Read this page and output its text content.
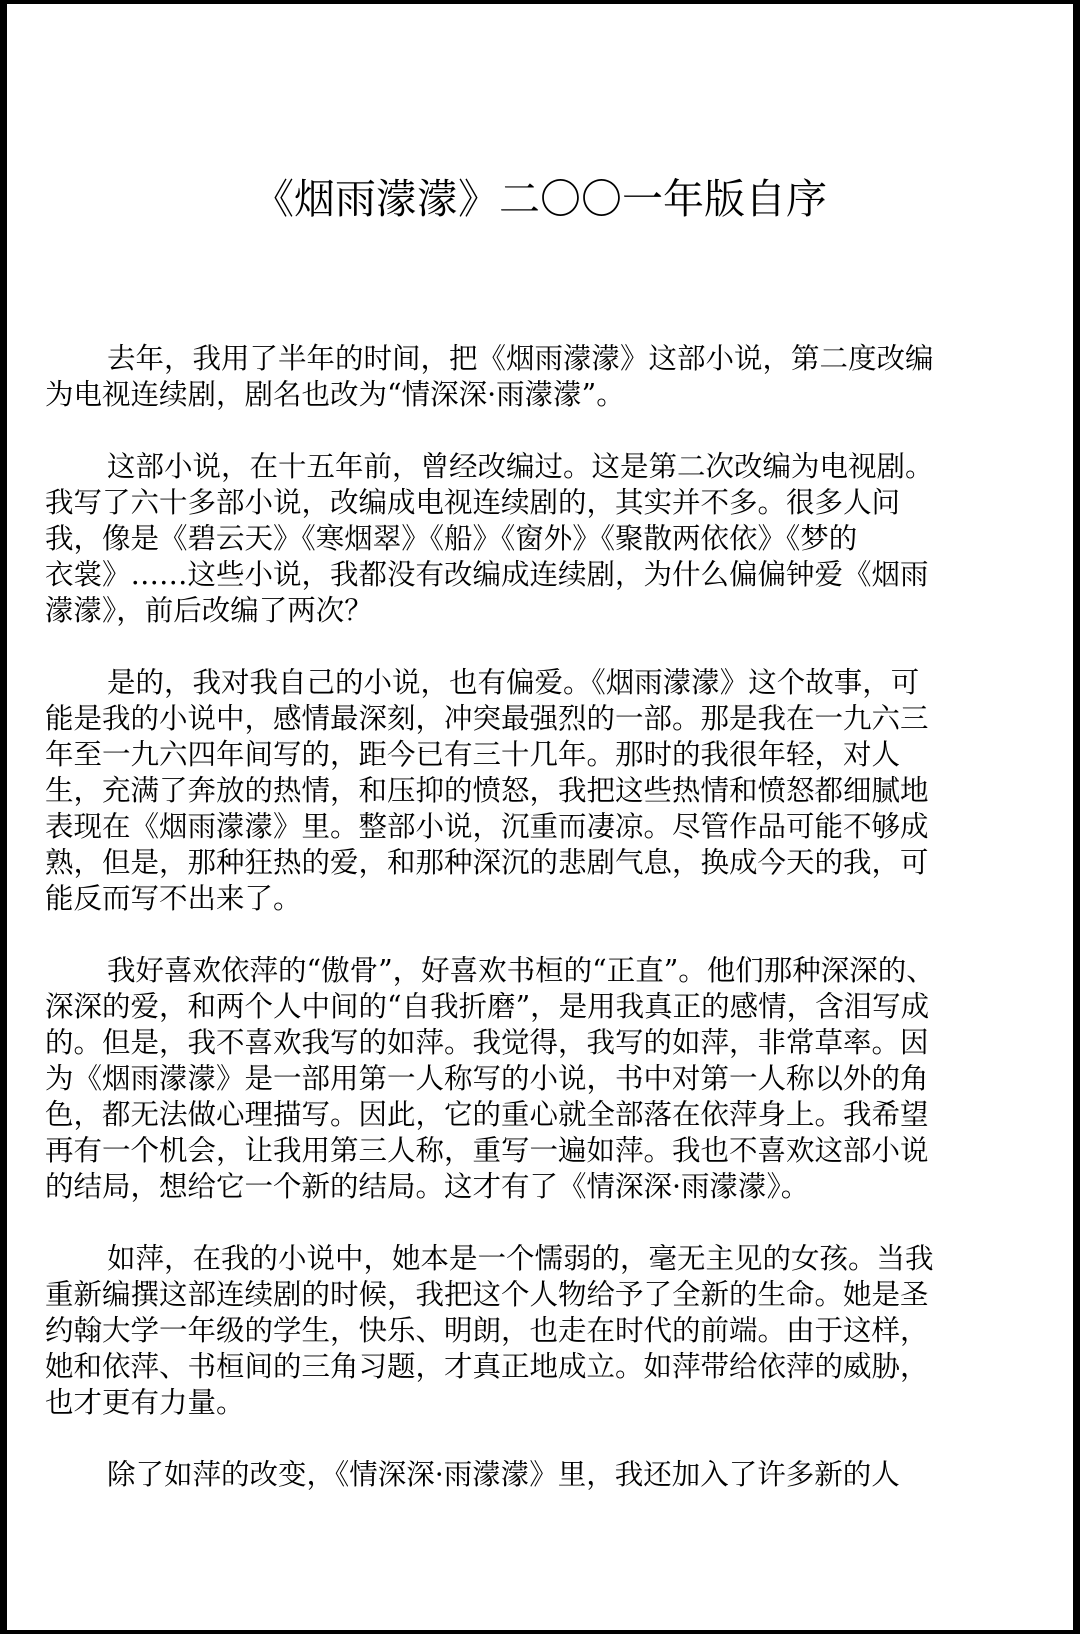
《烟雨濛濛》二〇〇一年版自序

去年，我用了半年的时间，把《烟雨濛濛》这部小说，第二度改编
为电视连续剧，剧名也改为“情深深·雨濛濛”。

这部小说，在十五年前，曾经改编过。这是第二次改编为电视剧。
我写了六十多部小说，改编成电视连续剧的，其实并不多。很多人问
我，像是《碧云天》《寒烟翠》《船》《窗外》《聚散两依依》《梦的
衣裳》……这些小说，我都没有改编成连续剧，为什么偏偏钟爱《烟雨
濛濛》，前后改编了两次？

是的，我对我自己的小说，也有偏爱。《烟雨濛濛》这个故事，可
能是我的小说中，感情最深刻，冲突最强烈的一部。那是我在一九六三
年至一九六四年间写的，距今已有三十几年。那时的我很年轻，对人
生，充满了奔放的热情，和压抑的愤怒，我把这些热情和愤怒都细腻地
表现在《烟雨濛濛》里。整部小说，沉重而凄凉。尽管作品可能不够成
熟，但是，那种狂热的爱，和那种深沉的悲剧气息，换成今天的我，可
能反而写不出来了。

我好喜欢依萍的“傲骨”，好喜欢书桓的“正直”。他们那种深深的、
深深的爱，和两个人中间的“自我折磨”，是用我真正的感情，含泪写成
的。但是，我不喜欢我写的如萍。我觉得，我写的如萍，非常草率。因
为《烟雨濛濛》是一部用第一人称写的小说，书中对第一人称以外的角
色，都无法做心理描写。因此，它的重心就全部落在依萍身上。我希望
再有一个机会，让我用第三人称，重写一遍如萍。我也不喜欢这部小说
的结局，想给它一个新的结局。这才有了《情深深·雨濛濛》。

如萍，在我的小说中，她本是一个懦弱的，毫无主见的女孩。当我
重新编撰这部连续剧的时候，我把这个人物给予了全新的生命。她是圣
约翰大学一年级的学生，快乐、明朗，也走在时代的前端。由于这样，
她和依萍、书桓间的三角习题，才真正地成立。如萍带给依萍的威胁，
也才更有力量。

除了如萍的改变，《情深深·雨濛濛》里，我还加入了许多新的人
